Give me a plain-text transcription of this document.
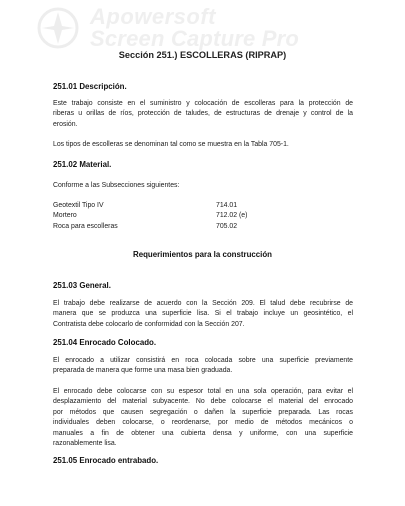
Apowersoft
Screen Capture Pro
Sección 251.) ESCOLLERAS (RIPRAP)
251.01 Descripción.
Este trabajo consiste en el suministro y colocación de escolleras para la protección de
riberas u orillas de ríos, protección de taludes, de estructuras de drenaje y control de la
erosión.
Los tipos de escolleras se denominan tal como se muestra en la Tabla 705-1.
251.02 Material.
Conforme a las Subsecciones siguientes:
Geotextil Tipo IV	714.01
Mortero	712.02 (e)
Roca para escolleras	705.02
Requerimientos para la construcción
251.03 General.
El trabajo debe realizarse de acuerdo con la Sección 209. El talud debe recubrirse de
manera que se produzca una superficie lisa. Si el trabajo incluye un geosintético, el
Contratista debe colocarlo de conformidad con la Sección 207.
251.04 Enrocado Colocado.
El enrocado a utilizar consistirá en roca colocada sobre una superficie previamente
preparada de manera que forme una masa bien graduada.
El enrocado debe colocarse con su espesor total en una sola operación, para evitar el
desplazamiento del material subyacente. No debe colocarse el material del enrocado
por métodos que causen segregación o dañen la superficie preparada. Las rocas
individuales deben colocarse, o reordenarse, por medio de métodos mecánicos o
manuales a fin de obtener una cubierta densa y uniforme, con una superficie
razonablemente lisa.
251.05 Enrocado entrabado.
